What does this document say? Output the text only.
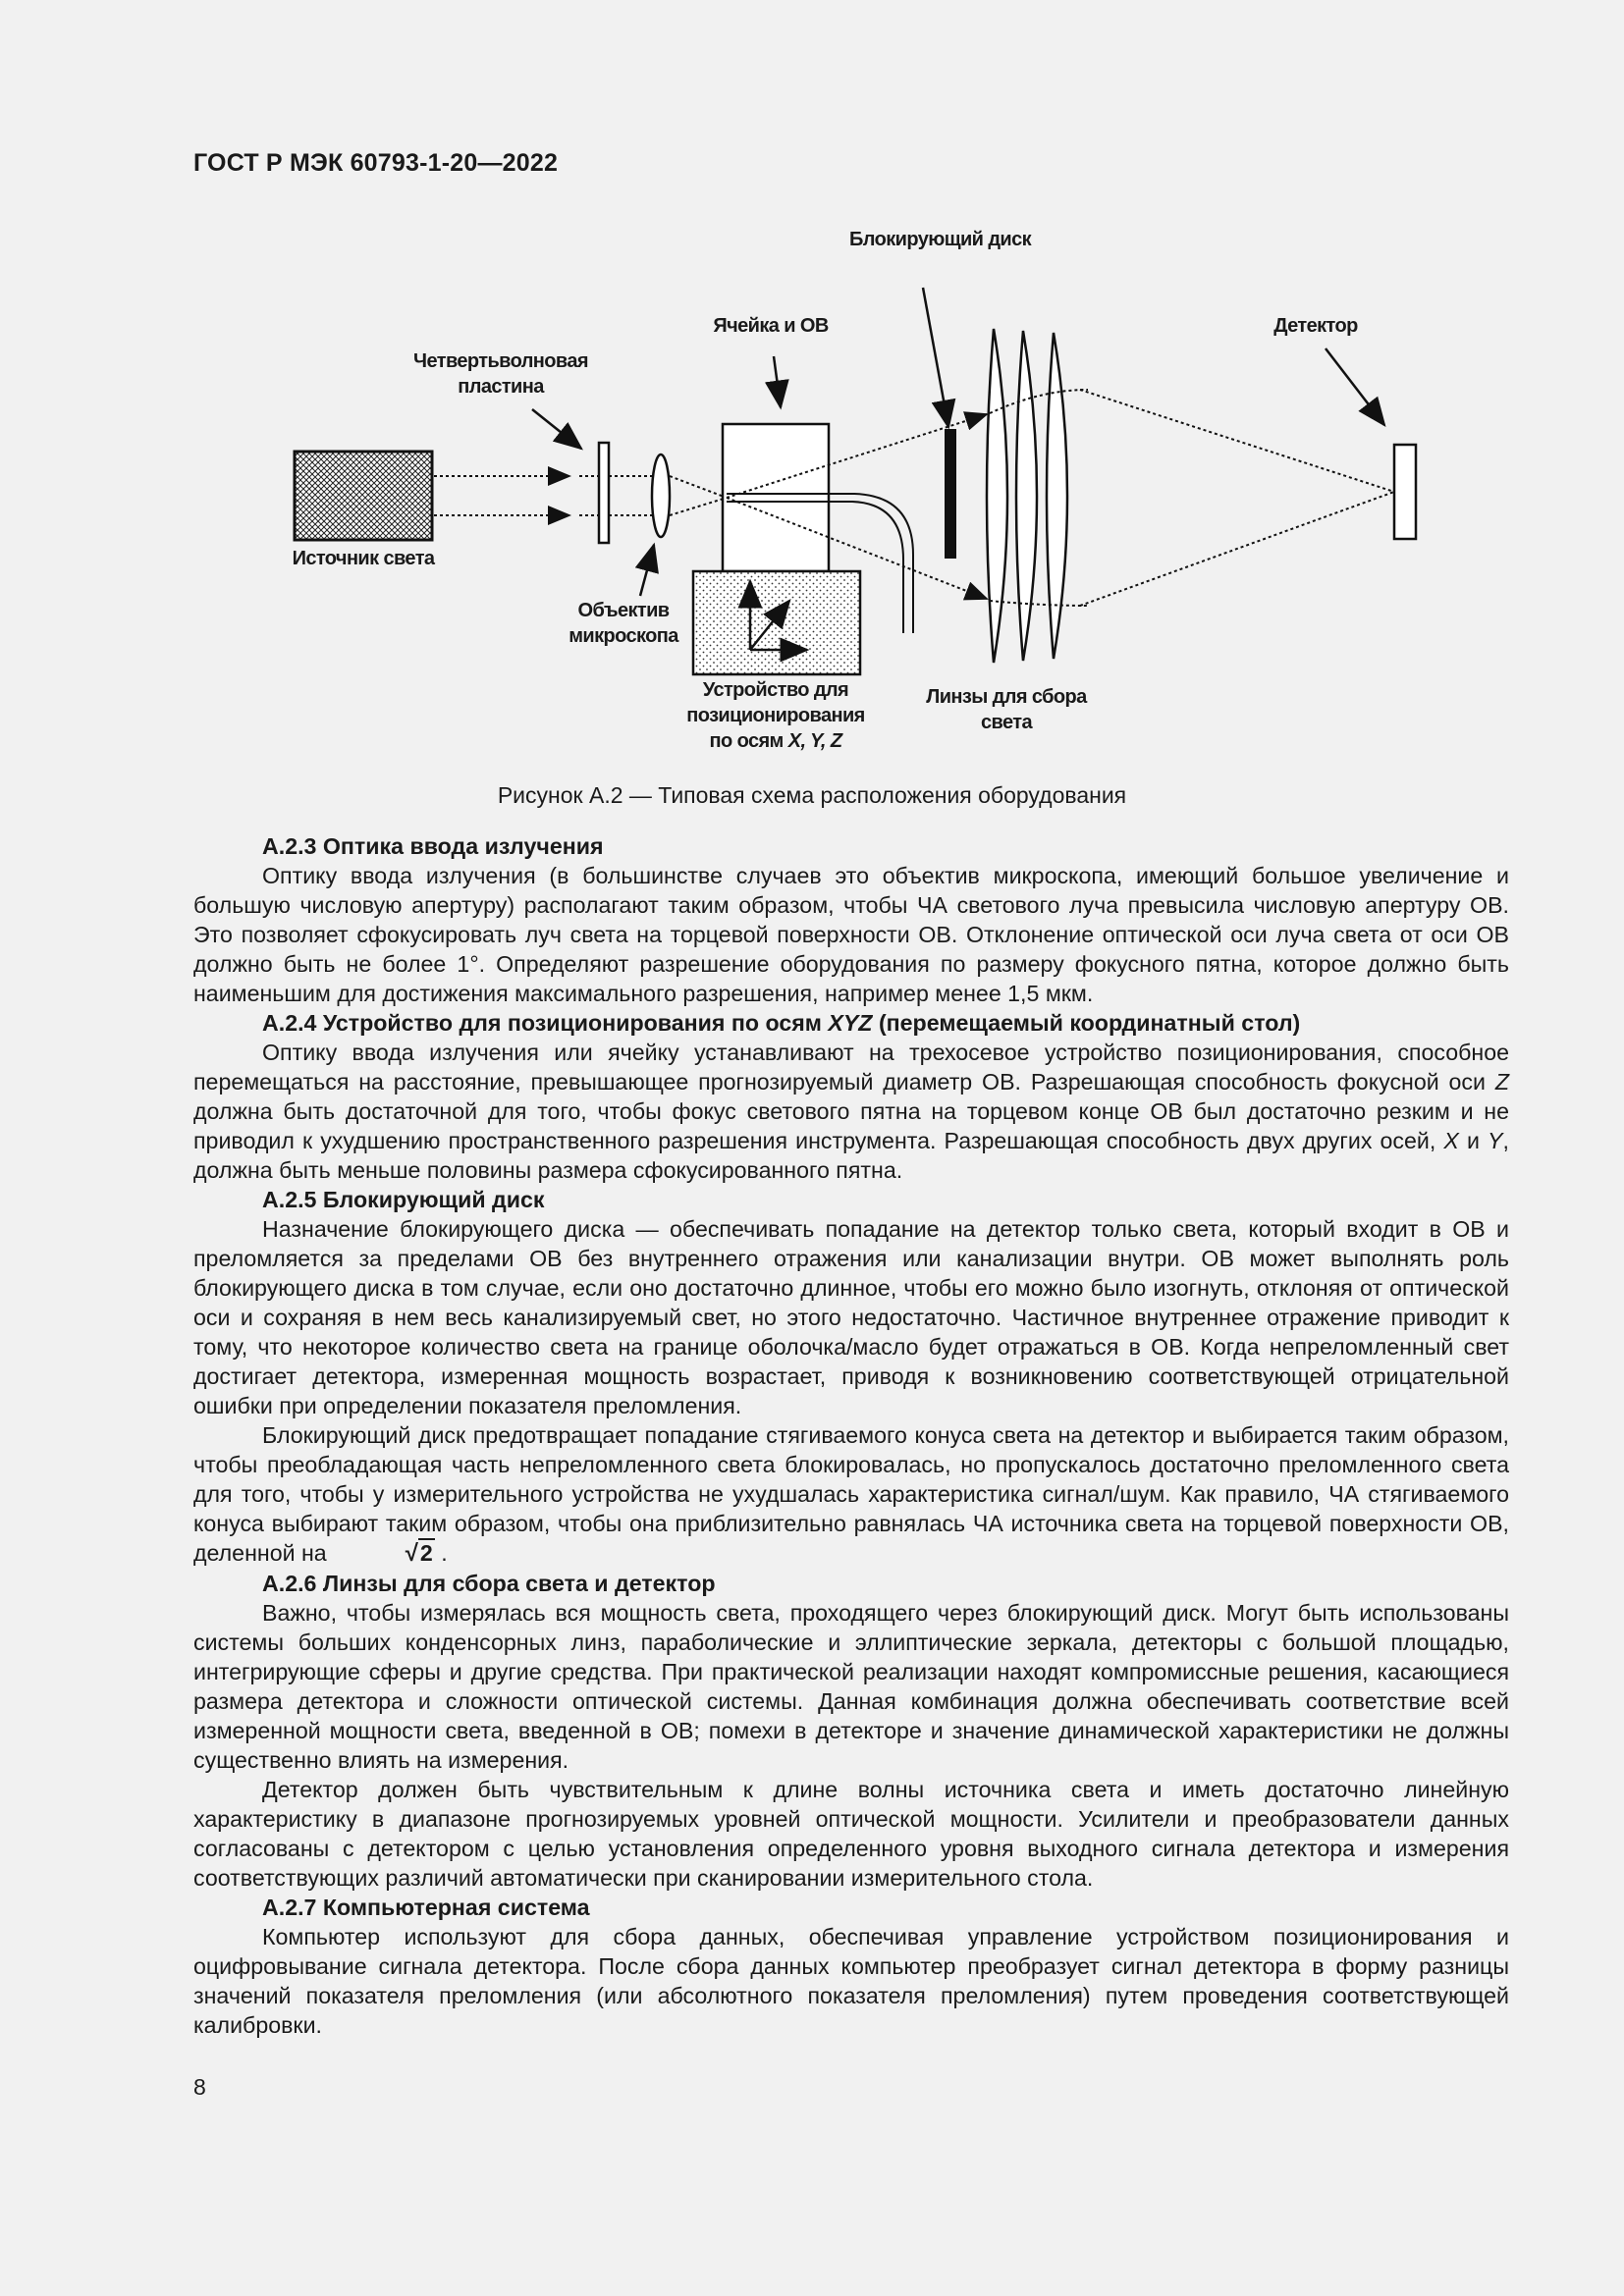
ГОСТ Р МЭК 60793-1-20—2022
Блокирующий диск
Ячейка и ОВ	Детектор
Четвертьволновая
пластина
Источник света
Объектив
микроскопа
Устройство для
позиционирования
по осям X, Y, Z
Линзы для сбора
света
Рисунок А.2 — Типовая схема расположения оборудования
А.2.3 Оптика ввода излучения

Оптику ввода излучения (в большинстве случаев это объектив микроскопа, имеющий большое увеличение и большую числовую апертуру) располагают таким образом, чтобы ЧА светового луча превысила числовую апертуру ОВ. Это позволяет сфокусировать луч света на торцевой поверхности ОВ. Отклонение оптической оси луча света от оси ОВ должно быть не более 1°. Определяют разрешение оборудования по размеру фокусного пятна, которое должно быть наименьшим для достижения максимального разрешения, например менее 1,5 мкм.

А.2.4 Устройство для позиционирования по осям XYZ (перемещаемый координатный стол)

Оптику ввода излучения или ячейку устанавливают на трехосевое устройство позиционирования, способное перемещаться на расстояние, превышающее прогнозируемый диаметр ОВ. Разрешающая способность фокусной оси Z должна быть достаточной для того, чтобы фокус светового пятна на торцевом конце ОВ был достаточно резким и не приводил к ухудшению пространственного разрешения инструмента. Разрешающая способность двух других осей, X и Y, должна быть меньше половины размера сфокусированного пятна.

А.2.5 Блокирующий диск

Назначение блокирующего диска — обеспечивать попадание на детектор только света, который входит в ОВ и преломляется за пределами ОВ без внутреннего отражения или канализации внутри. ОВ может выполнять роль блокирующего диска в том случае, если оно достаточно длинное, чтобы его можно было изогнуть, отклоняя от оптической оси и сохраняя в нем весь канализируемый свет, но этого недостаточно. Частичное внутреннее отражение приводит к тому, что некоторое количество света на границе оболочка/масло будет отражаться в ОВ. Когда непреломленный свет достигает детектора, измеренная мощность возрастает, приводя к возникновению соответствующей отрицательной ошибки при определении показателя преломления.

Блокирующий диск предотвращает попадание стягиваемого конуса света на детектор и выбирается таким образом, чтобы преобладающая часть непреломленного света блокировалась, но пропускалось достаточно преломленного света для того, чтобы у измерительного устройства не ухудшалась характеристика сигнал/шум. Как правило, ЧА стягиваемого конуса выбирают таким образом, чтобы она приблизительно равнялась ЧА источника света на торцевой поверхности ОВ, деленной на	√2 .

А.2.6 Линзы для сбора света и детектор

Важно, чтобы измерялась вся мощность света, проходящего через блокирующий диск. Могут быть использованы системы больших конденсорных линз, параболические и эллиптические зеркала, детекторы с большой площадью, интегрирующие сферы и другие средства. При практической реализации находят компромиссные решения, касающиеся размера детектора и сложности оптической системы. Данная комбинация должна обеспечивать соответствие всей измеренной мощности света, введенной в ОВ; помехи в детекторе и значение динамической характеристики не должны существенно влиять на измерения.

Детектор должен быть чувствительным к длине волны источника света и иметь достаточно линейную характеристику в диапазоне прогнозируемых уровней оптической мощности. Усилители и преобразователи данных согласованы с детектором с целью установления определенного уровня выходного сигнала детектора и измерения соответствующих различий автоматически при сканировании измерительного стола.

А.2.7 Компьютерная система

Компьютер используют для сбора данных, обеспечивая управление устройством позиционирования и оцифровывание сигнала детектора. После сбора данных компьютер преобразует сигнал детектора в форму разницы значений показателя преломления (или абсолютного показателя преломления) путем проведения соответствующей калибровки.

8
